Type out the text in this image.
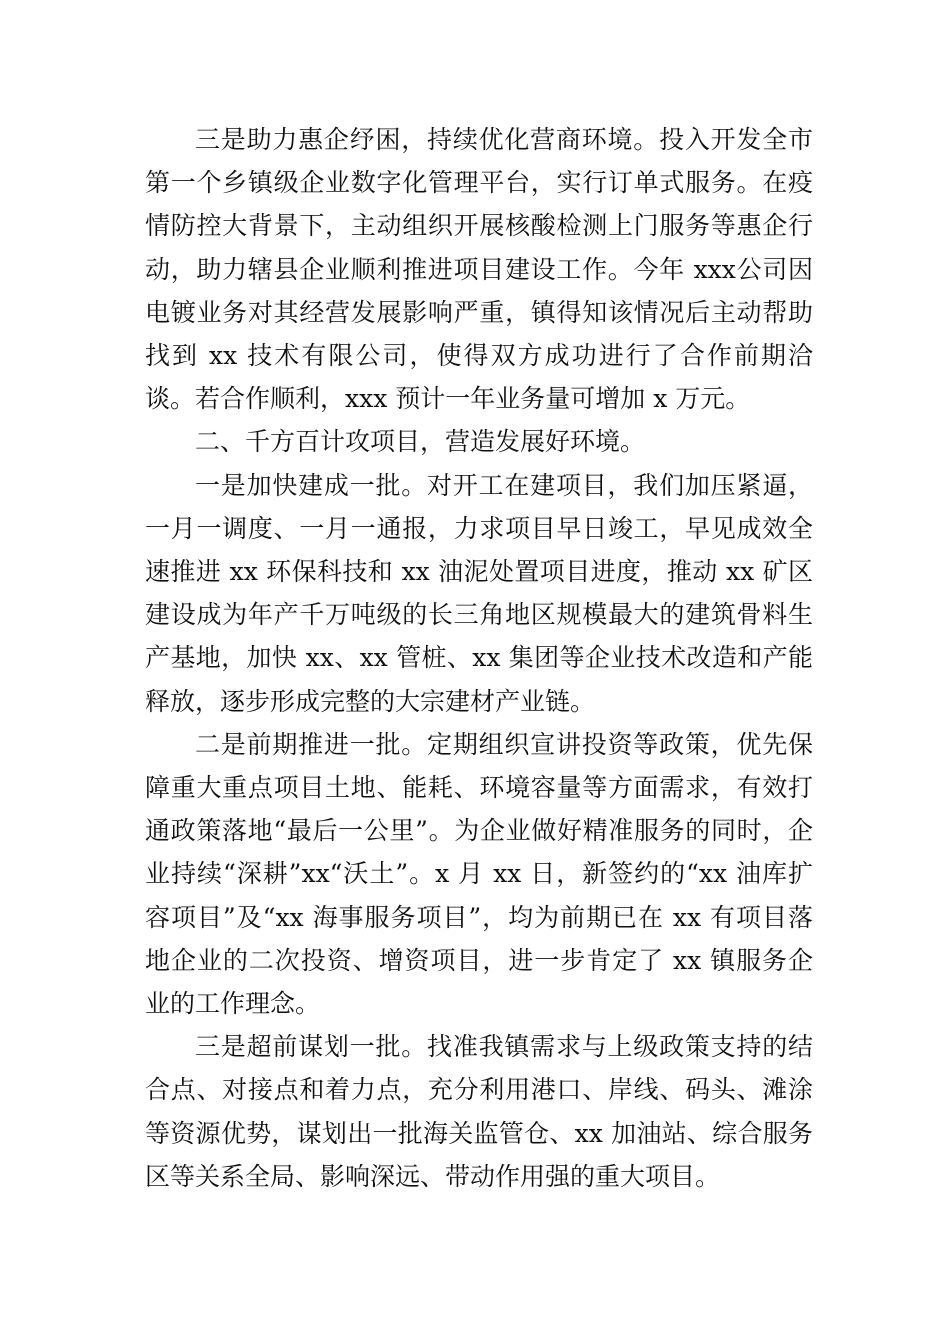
三是助力惠企纾困，持续优化营商环境。投入开发全市第一个乡镇级企业数字化管理平台，实行订单式服务。在疫情防控大背景下，主动组织开展核酸检测上门服务等惠企行动，助力辖县企业顺利推进项目建设工作。今年 xxx公司因电镀业务对其经营发展影响严重，镇得知该情况后主动帮助找到 xx 技术有限公司，使得双方成功进行了合作前期洽谈。若合作顺利，xxx 预计一年业务量可增加 x 万元。

二、千方百计攻项目，营造发展好环境。

一是加快建成一批。对开工在建项目，我们加压紧逼，一月一调度、一月一通报，力求项目早日竣工，早见成效全速推进 xx 环保科技和 xx 油泥处置项目进度，推动 xx 矿区建设成为年产千万吨级的长三角地区规模最大的建筑骨料生产基地，加快 xx、xx 管桩、xx 集团等企业技术改造和产能释放，逐步形成完整的大宗建材产业链。

二是前期推进一批。定期组织宣讲投资等政策，优先保障重大重点项目土地、能耗、环境容量等方面需求，有效打通政策落地“最后一公里”。为企业做好精准服务的同时，企业持续“深耕”xx“沃土”。x 月 xx 日，新签约的“xx 油库扩容项目”及“xx 海事服务项目”，均为前期已在 xx 有项目落地企业的二次投资、增资项目，进一步肯定了 xx 镇服务企业的工作理念。

三是超前谋划一批。找准我镇需求与上级政策支持的结合点、对接点和着力点，充分利用港口、岸线、码头、滩涂等资源优势，谋划出一批海关监管仓、xx 加油站、综合服务区等关系全局、影响深远、带动作用强的重大项目。
